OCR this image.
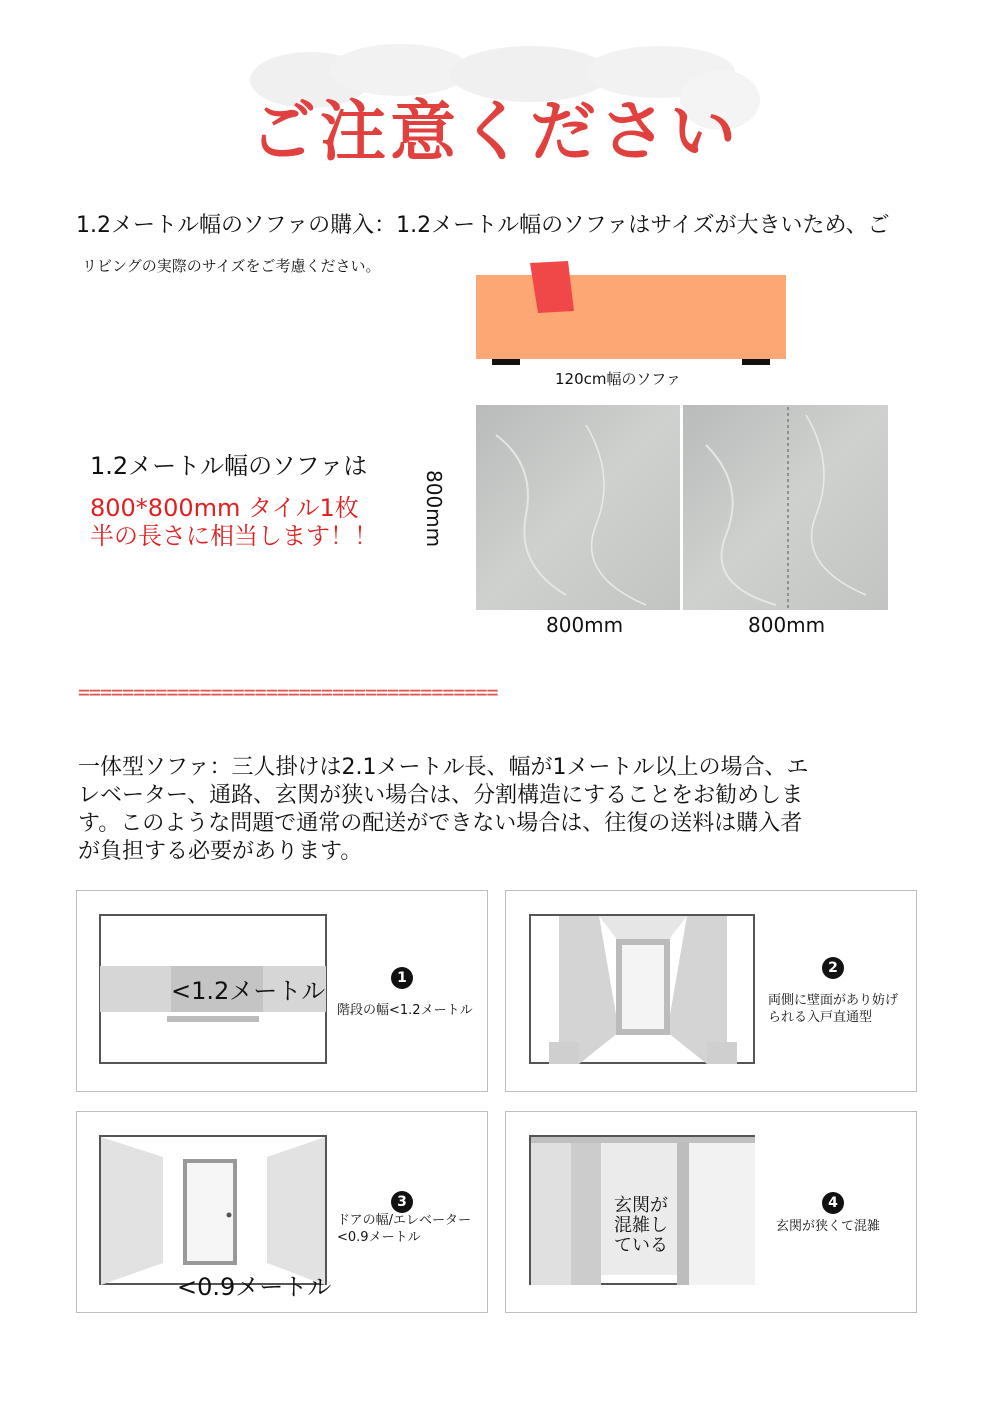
ご注意ください
1.2メートル幅のソファの購入：1.2メートル幅のソファはサイズが大きいため、ご
リビングの実際のサイズをご考慮ください。
120cm幅のソファ
800mm
800mm	800mm
1.2メートル幅のソファは
800*800mm タイル1枚半の長さに相当します！！
======================================
一体型ソファ：三人掛けは2.1メートル長、幅が1メートル以上の場合、エレベーター、通路、玄関が狭い場合は、分割構造にすることをお勧めします。このような問題で通常の配送ができない場合は、往復の送料は購入者が負担する必要があります。
<1.2メートル	1
階段の幅<1.2メートル
2
両側に壁面があり妨げられる入戸直通型
<0.9メートル
3
ドアの幅/エレベーター<0.9メートル
玄関が混雑している
4
玄関が狭くて混雑
